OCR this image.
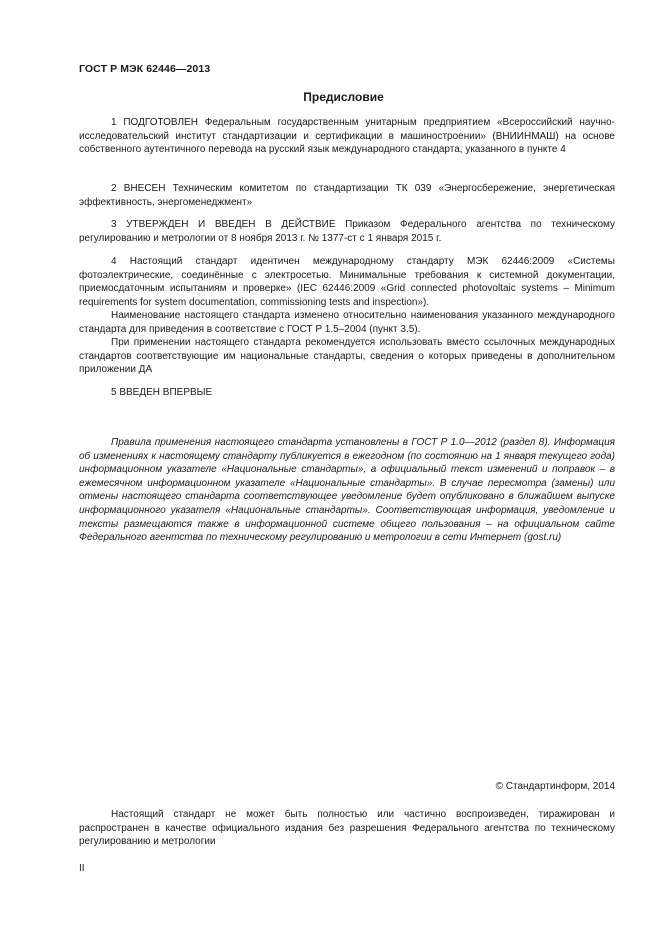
ГОСТ Р МЭК 62446—2013
Предисловие

1 ПОДГОТОВЛЕН Федеральным государственным унитарным предприятием «Всероссийский научно-исследовательский институт стандартизации и сертификации в машиностроении» (ВНИИНМАШ) на основе собственного аутентичного перевода на русский язык международного стандарта, указанного в пункте 4

2 ВНЕСЕН Техническим комитетом по стандартизации ТК 039 «Энергосбережение, энергетическая эффективность, энергоменеджмент»

3 УТВЕРЖДЕН И ВВЕДЕН В ДЕЙСТВИЕ Приказом Федерального агентства по техническому регулированию и метрологии от 8 ноября 2013 г. № 1377-ст с 1 января 2015 г.

4 Настоящий стандарт идентичен международному стандарту МЭК 62446:2009 «Системы фотоэлектрические, соединённые с электросетью. Минимальные требования к системной документации, приемосдаточным испытаниям и проверке» (IEC 62446:2009 «Grid connected photovoltaic systems – Minimum requirements for system documentation, commissioning tests and inspection»).

Наименование настоящего стандарта изменено относительно наименования указанного международного стандарта для приведения в соответствие с ГОСТ Р 1.5–2004 (пункт 3.5).

При применении настоящего стандарта рекомендуется использовать вместо ссылочных международных стандартов соответствующие им национальные стандарты, сведения о которых приведены в дополнительном приложении ДА

5 ВВЕДЕН ВПЕРВЫЕ

Правила применения настоящего стандарта установлены в ГОСТ Р 1.0—2012 (раздел 8). Информация об изменениях к настоящему стандарту публикуется в ежегодном (по состоянию на 1 января текущего года) информационном указателе «Национальные стандарты», а официальный текст изменений и поправок – в ежемесячном информационном указателе «Национальные стандарты». В случае пересмотра (замены) или отмены настоящего стандарта соответствующее уведомление будет опубликовано в ближайшем выпуске информационного указателя «Национальные стандарты». Соответствующая информация, уведомление и тексты размещаются также в информационной системе общего пользования – на официальном сайте Федерального агентства по техническому регулированию и метрологии в сети Интернет (gost.ru)

© Стандартинформ, 2014

Настоящий стандарт не может быть полностью или частично воспроизведен, тиражирован и распространен в качестве официального издания без разрешения Федерального агентства по техническому регулированию и метрологии

II
